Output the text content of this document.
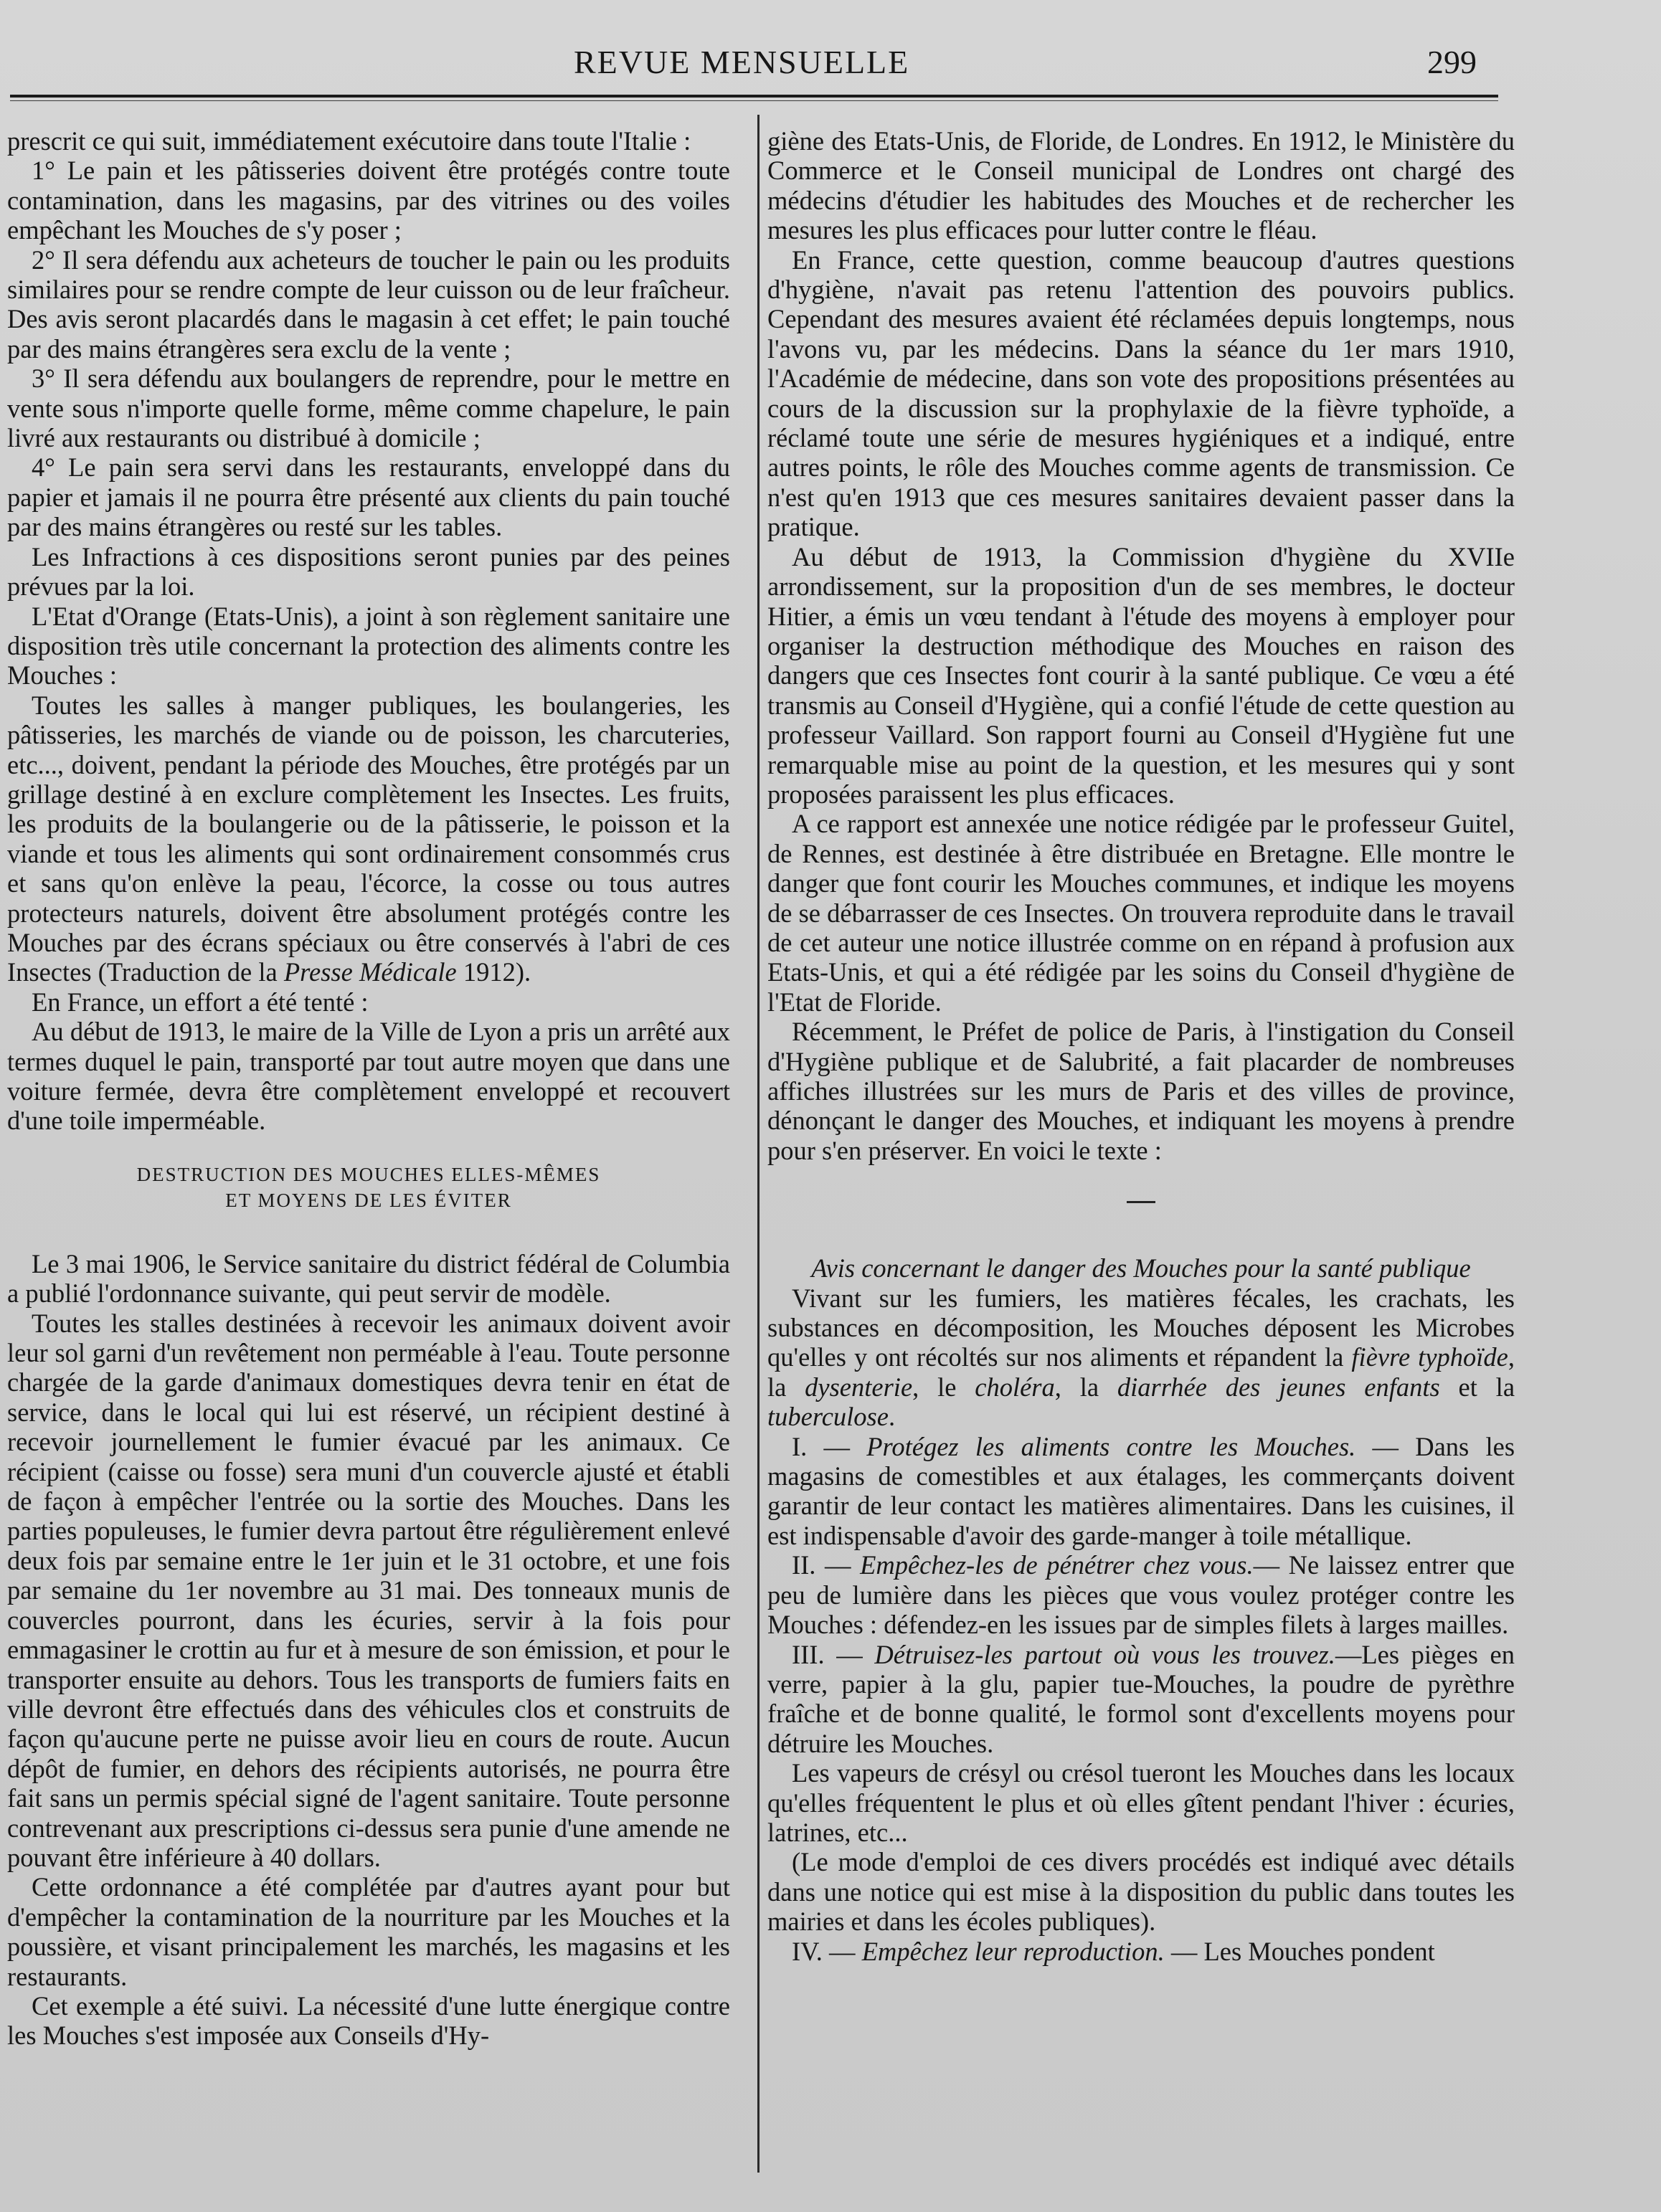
REVUE MENSUELLE	299

prescrit ce qui suit, immédiatement exécutoire dans toute l'Italie :

1° Le pain et les pâtisseries doivent être protégés contre toute contamination, dans les magasins, par des vitrines ou des voiles empêchant les Mouches de s'y poser ;

2° Il sera défendu aux acheteurs de toucher le pain ou les produits similaires pour se rendre compte de leur cuisson ou de leur fraîcheur. Des avis seront placardés dans le magasin à cet effet; le pain touché par des mains étrangères sera exclu de la vente ;

3° Il sera défendu aux boulangers de reprendre, pour le mettre en vente sous n'importe quelle forme, même comme chapelure, le pain livré aux restaurants ou distribué à domicile ;

4° Le pain sera servi dans les restaurants, enveloppé dans du papier et jamais il ne pourra être présenté aux clients du pain touché par des mains étrangères ou resté sur les tables.

Les Infractions à ces dispositions seront punies par des peines prévues par la loi.

L'Etat d'Orange (Etats-Unis), a joint à son règlement sanitaire une disposition très utile concernant la protection des aliments contre les Mouches :

Toutes les salles à manger publiques, les boulangeries, les pâtisseries, les marchés de viande ou de poisson, les charcuteries, etc..., doivent, pendant la période des Mouches, être protégés par un grillage destiné à en exclure complètement les Insectes. Les fruits, les produits de la boulangerie ou de la pâtisserie, le poisson et la viande et tous les aliments qui sont ordinairement consommés crus et sans qu'on enlève la peau, l'écorce, la cosse ou tous autres protecteurs naturels, doivent être absolument protégés contre les Mouches par des écrans spéciaux ou être conservés à l'abri de ces Insectes (Traduction de la Presse Médicale 1912).

En France, un effort a été tenté :

Au début de 1913, le maire de la Ville de Lyon a pris un arrêté aux termes duquel le pain, transporté par tout autre moyen que dans une voiture fermée, devra être complètement enveloppé et recouvert d'une toile imperméable.

DESTRUCTION DES MOUCHES ELLES-MÊMES
ET MOYENS DE LES ÉVITER

Le 3 mai 1906, le Service sanitaire du district fédéral de Columbia a publié l'ordonnance suivante, qui peut servir de modèle.

Toutes les stalles destinées à recevoir les animaux doivent avoir leur sol garni d'un revêtement non perméable à l'eau. Toute personne chargée de la garde d'animaux domestiques devra tenir en état de service, dans le local qui lui est réservé, un récipient destiné à recevoir journellement le fumier évacué par les animaux. Ce récipient (caisse ou fosse) sera muni d'un couvercle ajusté et établi de façon à empêcher l'entrée ou la sortie des Mouches. Dans les parties populeuses, le fumier devra partout être régulièrement enlevé deux fois par semaine entre le 1er juin et le 31 octobre, et une fois par semaine du 1er novembre au 31 mai. Des tonneaux munis de couvercles pourront, dans les écuries, servir à la fois pour emmagasiner le crottin au fur et à mesure de son émission, et pour le transporter ensuite au dehors. Tous les transports de fumiers faits en ville devront être effectués dans des véhicules clos et construits de façon qu'aucune perte ne puisse avoir lieu en cours de route. Aucun dépôt de fumier, en dehors des récipients autorisés, ne pourra être fait sans un permis spécial signé de l'agent sanitaire. Toute personne contrevenant aux prescriptions ci-dessus sera punie d'une amende ne pouvant être inférieure à 40 dollars.

Cette ordonnance a été complétée par d'autres ayant pour but d'empêcher la contamination de la nourriture par les Mouches et la poussière, et visant principalement les marchés, les magasins et les restaurants.

Cet exemple a été suivi. La nécessité d'une lutte énergique contre les Mouches s'est imposée aux Conseils d'Hy-

giène des Etats-Unis, de Floride, de Londres. En 1912, le Ministère du Commerce et le Conseil municipal de Londres ont chargé des médecins d'étudier les habitudes des Mouches et de rechercher les mesures les plus efficaces pour lutter contre le fléau.

En France, cette question, comme beaucoup d'autres questions d'hygiène, n'avait pas retenu l'attention des pouvoirs publics. Cependant des mesures avaient été réclamées depuis longtemps, nous l'avons vu, par les médecins. Dans la séance du 1er mars 1910, l'Académie de médecine, dans son vote des propositions présentées au cours de la discussion sur la prophylaxie de la fièvre typhoïde, a réclamé toute une série de mesures hygiéniques et a indiqué, entre autres points, le rôle des Mouches comme agents de transmission. Ce n'est qu'en 1913 que ces mesures sanitaires devaient passer dans la pratique.

Au début de 1913, la Commission d'hygiène du XVIIe arrondissement, sur la proposition d'un de ses membres, le docteur Hitier, a émis un vœu tendant à l'étude des moyens à employer pour organiser la destruction méthodique des Mouches en raison des dangers que ces Insectes font courir à la santé publique. Ce vœu a été transmis au Conseil d'Hygiène, qui a confié l'étude de cette question au professeur Vaillard. Son rapport fourni au Conseil d'Hygiène fut une remarquable mise au point de la question, et les mesures qui y sont proposées paraissent les plus efficaces.

A ce rapport est annexée une notice rédigée par le professeur Guitel, de Rennes, est destinée à être distribuée en Bretagne. Elle montre le danger que font courir les Mouches communes, et indique les moyens de se débarrasser de ces Insectes. On trouvera reproduite dans le travail de cet auteur une notice illustrée comme on en répand à profusion aux Etats-Unis, et qui a été rédigée par les soins du Conseil d'hygiène de l'Etat de Floride.

Récemment, le Préfet de police de Paris, à l'instigation du Conseil d'Hygiène publique et de Salubrité, a fait placarder de nombreuses affiches illustrées sur les murs de Paris et des villes de province, dénonçant le danger des Mouches, et indiquant les moyens à prendre pour s'en préserver. En voici le texte :

Avis concernant le danger des Mouches pour la santé publique

Vivant sur les fumiers, les matières fécales, les crachats, les substances en décomposition, les Mouches déposent les Microbes qu'elles y ont récoltés sur nos aliments et répandent la fièvre typhoïde, la dysenterie, le choléra, la diarrhée des jeunes enfants et la tuberculose.

I. — Protégez les aliments contre les Mouches. — Dans les magasins de comestibles et aux étalages, les commerçants doivent garantir de leur contact les matières alimentaires. Dans les cuisines, il est indispensable d'avoir des garde-manger à toile métallique.

II. — Empêchez-les de pénétrer chez vous.— Ne laissez entrer que peu de lumière dans les pièces que vous voulez protéger contre les Mouches : défendez-en les issues par de simples filets à larges mailles.

III. — Détruisez-les partout où vous les trouvez.—Les pièges en verre, papier à la glu, papier tue-Mouches, la poudre de pyrèthre fraîche et de bonne qualité, le formol sont d'excellents moyens pour détruire les Mouches.

Les vapeurs de crésyl ou crésol tueront les Mouches dans les locaux qu'elles fréquentent le plus et où elles gîtent pendant l'hiver : écuries, latrines, etc...

(Le mode d'emploi de ces divers procédés est indiqué avec détails dans une notice qui est mise à la disposition du public dans toutes les mairies et dans les écoles publiques).

IV. — Empêchez leur reproduction. — Les Mouches pondent
